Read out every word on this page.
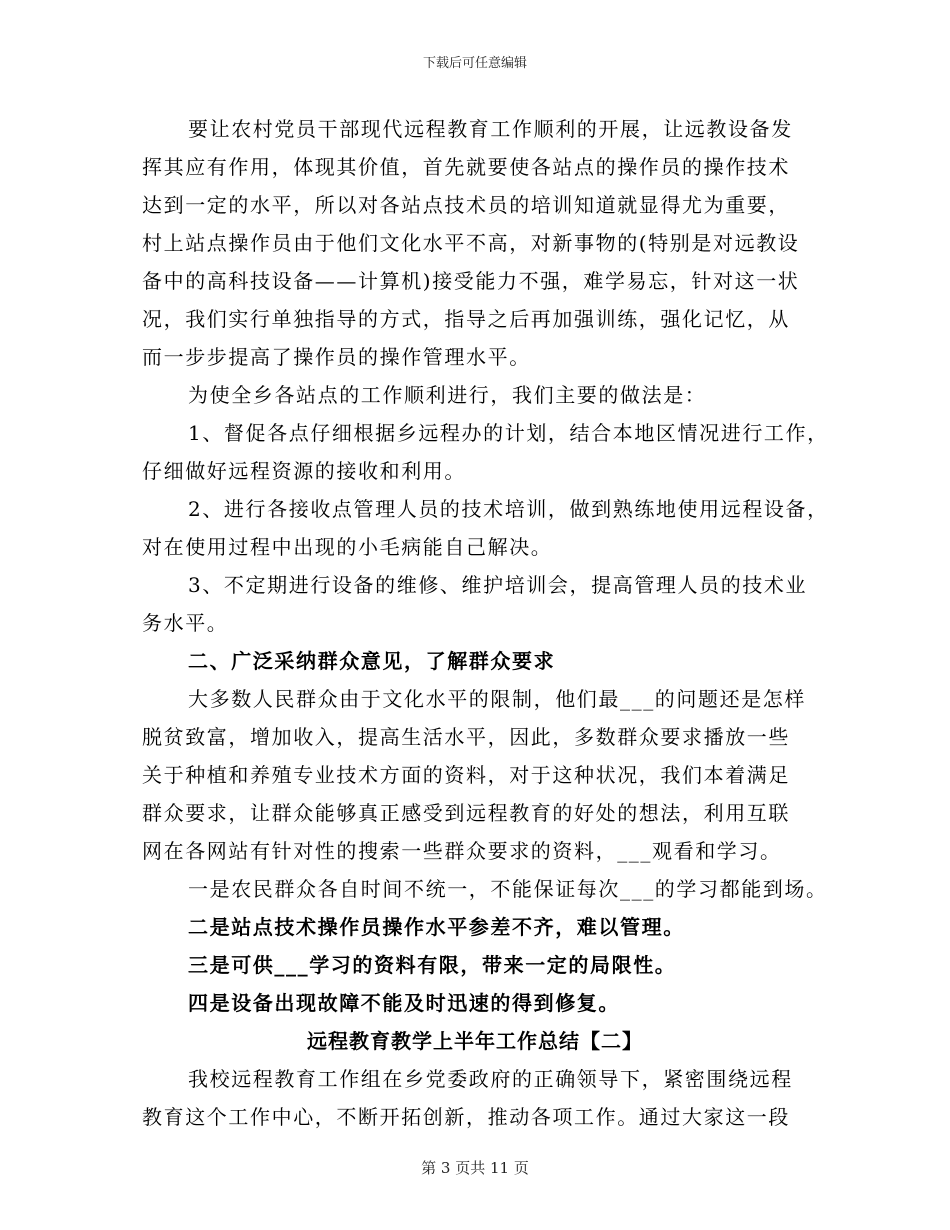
下载后可任意编辑
要让农村党员干部现代远程教育工作顺利的开展，让远教设备发
挥其应有作用，体现其价值，首先就要使各站点的操作员的操作技术
达到一定的水平，所以对各站点技术员的培训知道就显得尤为重要，
村上站点操作员由于他们文化水平不高，对新事物的(特别是对远教设
备中的高科技设备——计算机)接受能力不强，难学易忘，针对这一状
况，我们实行单独指导的方式，指导之后再加强训练，强化记忆，从
而一步步提高了操作员的操作管理水平。
为使全乡各站点的工作顺利进行，我们主要的做法是：
1、督促各点仔细根据乡远程办的计划，结合本地区情况进行工作，
仔细做好远程资源的接收和利用。
2、进行各接收点管理人员的技术培训，做到熟练地使用远程设备，
对在使用过程中出现的小毛病能自己解决。
3、不定期进行设备的维修、维护培训会，提高管理人员的技术业
务水平。
二、广泛采纳群众意见，了解群众要求
大多数人民群众由于文化水平的限制，他们最___的问题还是怎样
脱贫致富，增加收入，提高生活水平，因此，多数群众要求播放一些
关于种植和养殖专业技术方面的资料，对于这种状况，我们本着满足
群众要求，让群众能够真正感受到远程教育的好处的想法，利用互联
网在各网站有针对性的搜索一些群众要求的资料，___观看和学习。
一是农民群众各自时间不统一，不能保证每次___的学习都能到场。
二是站点技术操作员操作水平参差不齐，难以管理。
三是可供___学习的资料有限，带来一定的局限性。
四是设备出现故障不能及时迅速的得到修复。
远程教育教学上半年工作总结【二】
我校远程教育工作组在乡党委政府的正确领导下，紧密围绕远程
教育这个工作中心，不断开拓创新，推动各项工作。通过大家这一段
第 3 页共 11 页
